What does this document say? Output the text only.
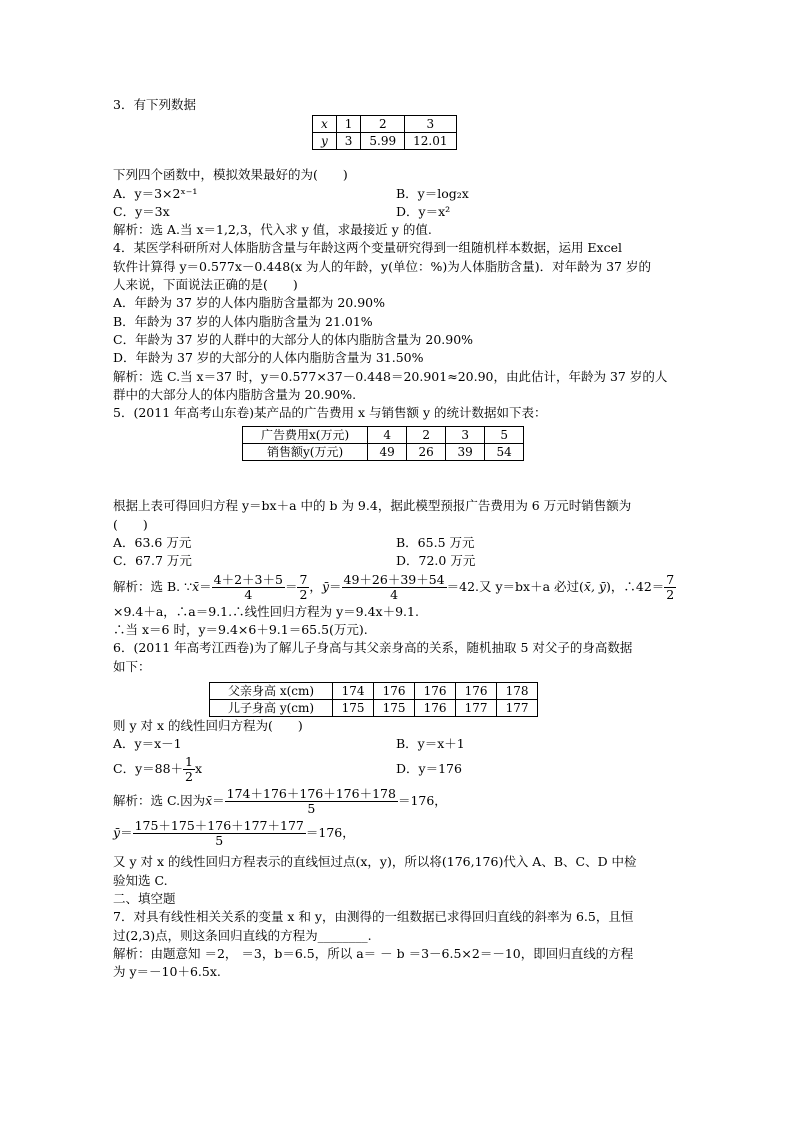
3．有下列数据
x	1	2	3
y	3	5.99	12.01
下列四个函数中，模拟效果最好的为(　　)
A．y＝3×2ˣ⁻¹	B．y＝log₂x
C．y＝3x	D．y＝x²
解析：选 A.当 x＝1,2,3，代入求 y 值，求最接近 y 的值.
4．某医学科研所对人体脂肪含量与年龄这两个变量研究得到一组随机样本数据，运用 Excel
软件计算得 y＝0.577x－0.448(x 为人的年龄，y(单位：%)为人体脂肪含量)．对年龄为 37 岁的
人来说，下面说法正确的是(　　)
A．年龄为 37 岁的人体内脂肪含量都为 20.90%
B．年龄为 37 岁的人体内脂肪含量为 21.01%
C．年龄为 37 岁的人群中的大部分人的体内脂肪含量为 20.90%
D．年龄为 37 岁的大部分的人体内脂肪含量为 31.50%
解析：选 C.当 x＝37 时，y＝0.577×37－0.448＝20.901≈20.90，由此估计，年龄为 37 岁的人
群中的大部分人的体内脂肪含量为 20.90%.
5．(2011 年高考山东卷)某产品的广告费用 x 与销售额 y 的统计数据如下表：
广告费用x(万元)	4	2	3	5
销售额y(万元)	49	26	39	54
根据上表可得回归方程 y＝bx＋a 中的 b 为 9.4，据此模型预报广告费用为 6 万元时销售额为
(　　)
A．63.6 万元	B．65.5 万元
C．67.7 万元	D．72.0 万元
解析：选 B. ∵x̄＝ $\frac{4+2+3+5}{4} = \frac{7}{2}$ ，ȳ＝ $\frac{49+26+39+54}{4} =42$.又 y＝bx＋a 必过(x̄, ȳ)，∴42＝ $\frac{7}{2}$
×9.4＋a，∴a＝9.1.∴线性回归方程为 y＝9.4x＋9.1.
∴当 x＝6 时，y＝9.4×6＋9.1＝65.5(万元).
6．(2011 年高考江西卷)为了解儿子身高与其父亲身高的关系，随机抽取 5 对父子的身高数据
如下：
父亲身高 x(cm)	174	176	176	176	178
儿子身高 y(cm)	175	175	176	177	177
则 y 对 x 的线性回归方程为(　　)
A．y＝x－1	B．y＝x＋1
C．$y=88+ \frac{1}{2}$ x	D．y＝176
解析：选 C.因为x̄＝ $\frac{174+176+176+176+178}{5} =176$，
ȳ＝ $\frac{175+175+176+177+177}{5} =176$，
又 y 对 x 的线性回归方程表示的直线恒过点(x，y)，所以将(176,176)代入 A、B、C、D 中检
验知选 C.
二、填空题
7．对具有线性相关关系的变量 x 和 y，由测得的一组数据已求得回归直线的斜率为 6.5，且恒
过(2,3)点，则这条回归直线的方程为________.
解析：由题意知 ＝2， ＝3，b＝6.5，所以 a＝ － b ＝3－6.5×2＝－10，即回归直线的方程
为 y＝－10＋6.5x.
